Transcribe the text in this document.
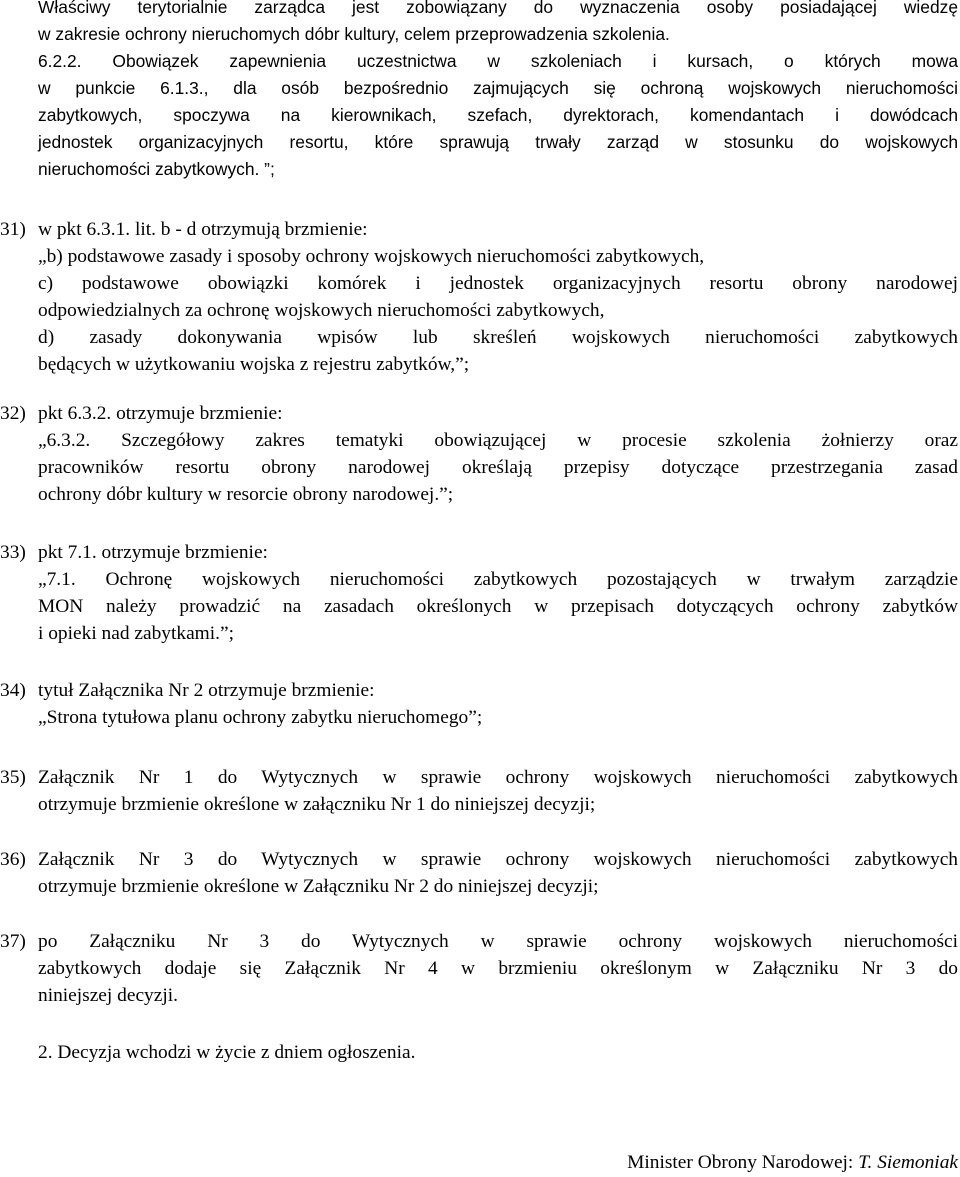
Właściwy terytorialnie zarządca jest zobowiązany do wyznaczenia osoby posiadającej wiedzę
w zakresie ochrony nieruchomych dóbr kultury, celem przeprowadzenia szkolenia.
6.2.2. Obowiązek zapewnienia uczestnictwa w szkoleniach i kursach, o których mowa
w punkcie 6.1.3., dla osób bezpośrednio zajmujących się ochroną wojskowych nieruchomości
zabytkowych, spoczywa na kierownikach, szefach, dyrektorach, komendantach i dowódcach
jednostek organizacyjnych resortu, które sprawują trwały zarząd w stosunku do wojskowych
nieruchomości zabytkowych. ”;
31) w pkt 6.3.1. lit. b - d otrzymują brzmienie:
„b) podstawowe zasady i sposoby ochrony wojskowych nieruchomości zabytkowych,
c) podstawowe obowiązki komórek i jednostek organizacyjnych resortu obrony narodowej
odpowiedzialnych za ochronę wojskowych nieruchomości zabytkowych,
d) zasady dokonywania wpisów lub skreśleń wojskowych nieruchomości zabytkowych
będących w użytkowaniu wojska z rejestru zabytków,”;
32) pkt 6.3.2. otrzymuje brzmienie:
„6.3.2. Szczegółowy zakres tematyki obowiązującej w procesie szkolenia żołnierzy oraz
pracowników resortu obrony narodowej określają przepisy dotyczące przestrzegania zasad
ochrony dóbr kultury w resorcie obrony narodowej.”;
33) pkt 7.1. otrzymuje brzmienie:
„7.1. Ochronę wojskowych nieruchomości zabytkowych pozostających w trwałym zarządzie
MON należy prowadzić na zasadach określonych w przepisach dotyczących ochrony zabytków
i opieki nad zabytkami.”;
34) tytuł Załącznika Nr 2 otrzymuje brzmienie:
„Strona tytułowa planu ochrony zabytku nieruchomego”;
35) Załącznik Nr 1 do Wytycznych w sprawie ochrony wojskowych nieruchomości zabytkowych
otrzymuje brzmienie określone w załączniku Nr 1 do niniejszej decyzji;
36) Załącznik Nr 3 do Wytycznych w sprawie ochrony wojskowych nieruchomości zabytkowych
otrzymuje brzmienie określone w Załączniku Nr 2 do niniejszej decyzji;
37) po Załączniku Nr 3 do Wytycznych w sprawie ochrony wojskowych nieruchomości
zabytkowych dodaje się Załącznik Nr 4 w brzmieniu określonym w Załączniku Nr 3 do
niniejszej decyzji.
2. Decyzja wchodzi w życie z dniem ogłoszenia.
Minister Obrony Narodowej: T. Siemoniak
